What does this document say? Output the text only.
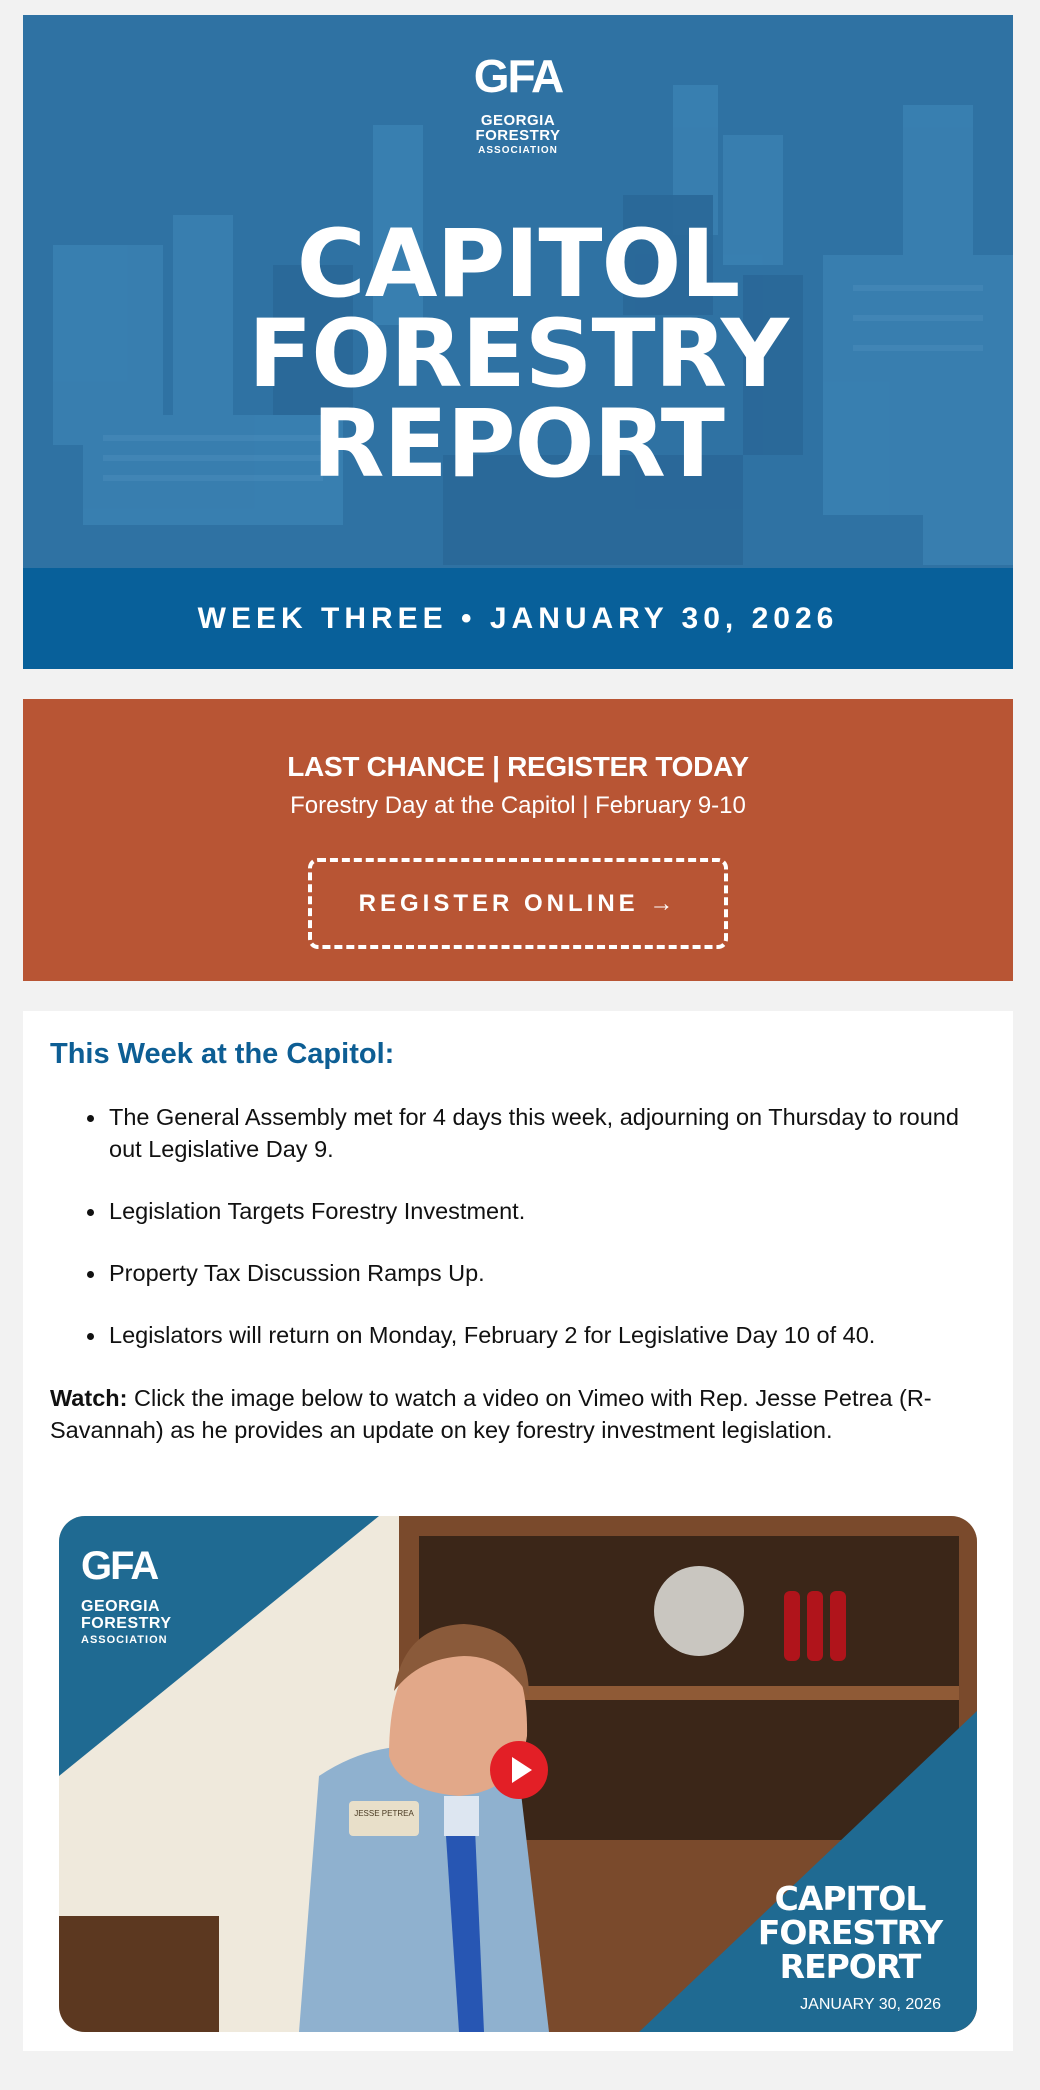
GFA
GEORGIA
FORESTRY
ASSOCIATION
CAPITOL
FORESTRY
REPORT
WEEK THREE • JANUARY 30, 2026
LAST CHANCE | REGISTER TODAY
Forestry Day at the Capitol | February 9-10
REGISTER ONLINE →
This Week at the Capitol:
The General Assembly met for 4 days this week, adjourning on Thursday to round out Legislative Day 9.
Legislation Targets Forestry Investment.
Property Tax Discussion Ramps Up.
Legislators will return on Monday, February 2 for Legislative Day 10 of 40.

Watch: Click the image below to watch a video on Vimeo with Rep. Jesse Petrea (R-Savannah) as he provides an update on key forestry investment legislation.

GFA
GEORGIA
FORESTRY
ASSOCIATION
CAPITOL
FORESTRY
REPORT
JANUARY 30, 2026
JESSE PETREA
